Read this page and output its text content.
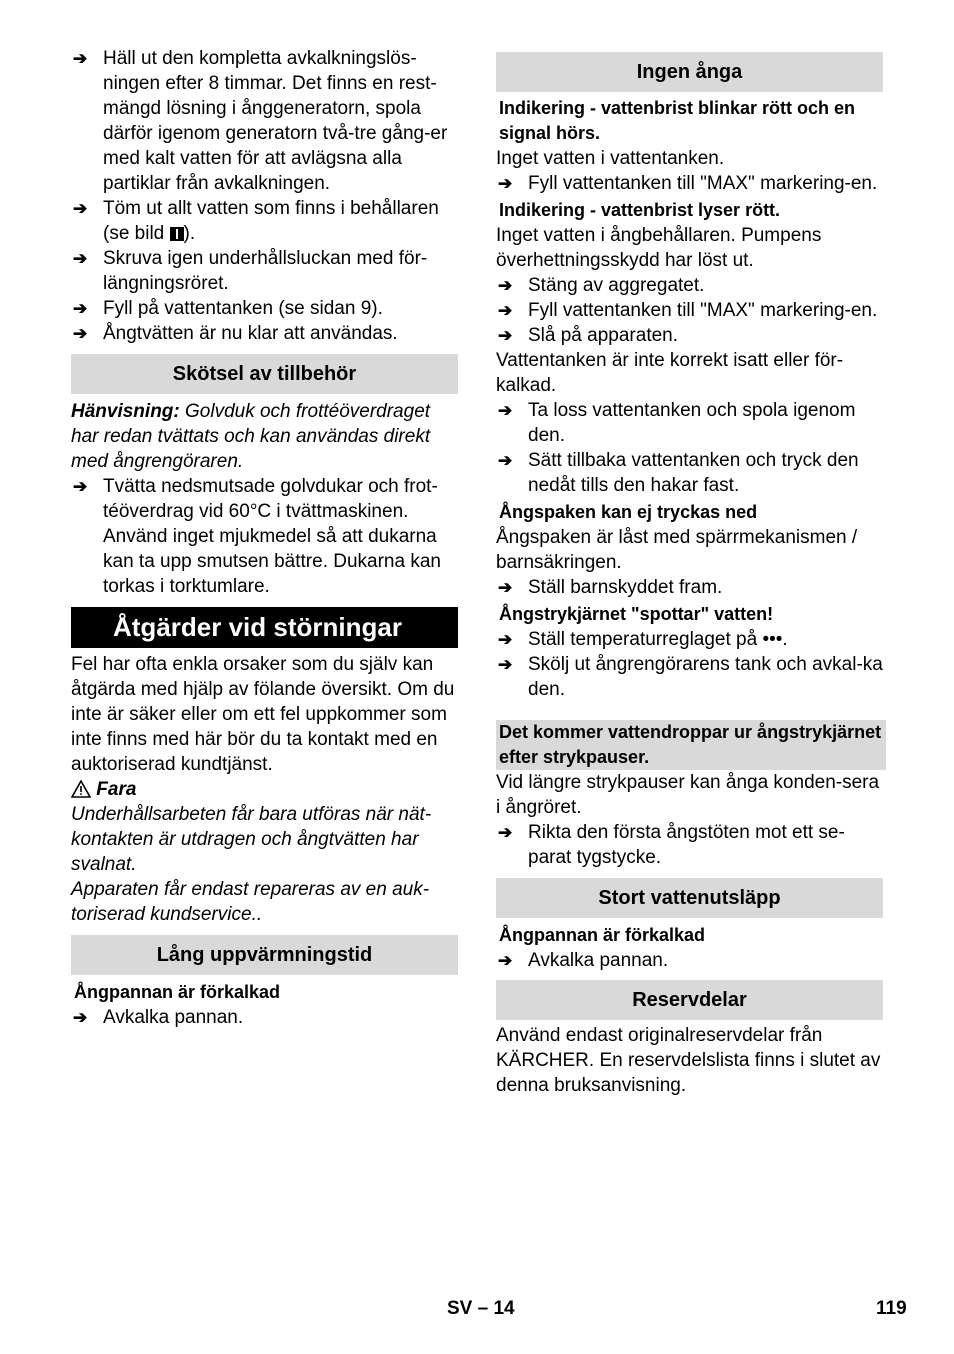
➔ Häll ut den kompletta avkalkningslös-ningen efter 8 timmar. Det finns en rest-mängd lösning i ånggeneratorn, spola därför igenom generatorn två-tre gång-er med kalt vatten för att avlägsna alla partiklar från avkalkningen.
➔ Töm ut allt vatten som finns i behållaren (se bild
).
➔ Skruva igen underhållsluckan med för-längningsröret.
➔ Fyll på vattentanken (se sidan 9).
➔ Ångtvätten är nu klar att användas.
Skötsel av tillbehör
Hänvisning: Golvduk och frottéöverdraget har redan tvättats och kan användas direkt med ångrengöraren.
➔ Tvätta nedsmutsade golvdukar och frot-téöverdrag vid 60°C i tvättmaskinen. Använd inget mjukmedel så att dukarna kan ta upp smutsen bättre. Dukarna kan torkas i torktumlare.
Åtgärder vid störningar

Fel har ofta enkla orsaker som du själv kan åtgärda med hjälp av fölande översikt. Om du inte är säker eller om ett fel uppkommer som inte finns med här bör du ta kontakt med en auktoriserad kundtjänst.

Fara
Underhållsarbeten får bara utföras när nät-kontakten är utdragen och ångtvätten har svalnat.
Apparaten får endast repareras av en auk-toriserad kundservice..
Lång uppvärmningstid
Ångpannan är förkalkad
➔ Avkalka pannan.
Ingen ånga
Indikering - vattenbrist blinkar rött och en signal hörs.

Inget vatten i vattentanken.

➔ Fyll vattentanken till "MAX" markering-en.
Indikering - vattenbrist lyser rött.

Inget vatten i ångbehållaren. Pumpens överhettningsskydd har löst ut.

➔ Stäng av aggregatet.
➔ Fyll vattentanken till "MAX" markering-en.
➔ Slå på apparaten.

Vattentanken är inte korrekt isatt eller för-kalkad.

➔ Ta loss vattentanken och spola igenom den.
➔ Sätt tillbaka vattentanken och tryck den nedåt tills den hakar fast.
Ångspaken kan ej tryckas ned

Ångspaken är låst med spärrmekanismen / barnsäkringen.

➔ Ställ barnskyddet fram.
Ångstrykjärnet "spottar" vatten!
➔ Ställ temperaturreglaget på •••.
➔ Skölj ut ångrengörarens tank och avkal-ka den.
Det kommer vattendroppar ur ångstrykjärnet efter strykpauser.

Vid längre strykpauser kan ånga konden-sera i ångröret.

➔ Rikta den första ångstöten mot ett se-parat tygstycke.
Stort vattenutsläpp
Ångpannan är förkalkad
➔ Avkalka pannan.
Reservdelar

Använd endast originalreservdelar från KÄRCHER. En reservdelslista finns i slutet av denna bruksanvisning.

SV – 14	119
